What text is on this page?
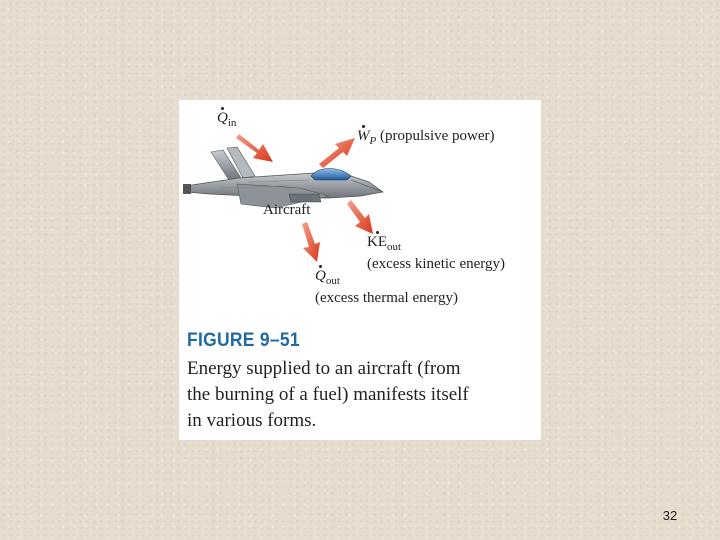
$Q_{in}$
$W_P$ (propulsive power)
Aircraft
$KE_{out}$
(excess kinetic energy)
$Q_{out}$
(excess thermal energy)
FIGURE 9–51
Energy supplied to an aircraft (from
the burning of a fuel) manifests itself
in various forms.
32
